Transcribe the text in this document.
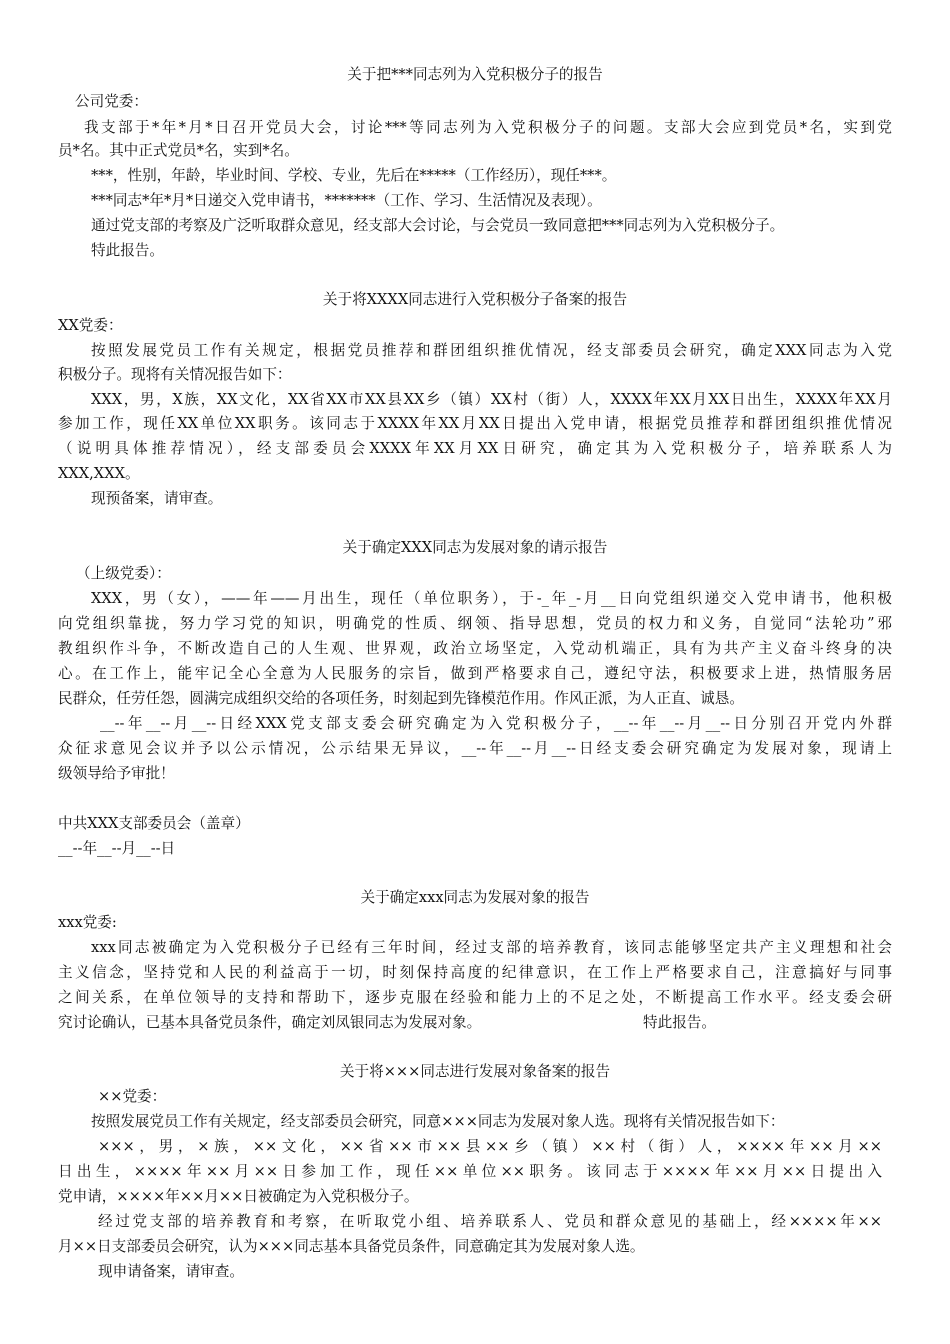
关于把***同志列为入党积极分子的报告
公司党委：
我支部于*年*月*日召开党员大会，讨论***等同志列为入党积极分子的问题。支部大会应到党员*名，实到党
员*名。其中正式党员*名，实到*名。
***，性别，年龄，毕业时间、学校、专业，先后在*****（工作经历），现任***。
***同志*年*月*日递交入党申请书，*******（工作、学习、生活情况及表现）。
通过党支部的考察及广泛听取群众意见，经支部大会讨论，与会党员一致同意把***同志列为入党积极分子。
特此报告。
关于将XXXX同志进行入党积极分子备案的报告
XX党委：
按照发展党员工作有关规定，根据党员推荐和群团组织推优情况，经支部委员会研究，确定XXX同志为入党
积极分子。现将有关情况报告如下：
XXX，男，X族，XX文化，XX省XX市XX县XX乡（镇）XX村（街）人，XXXX年XX月XX日出生，XXXX年XX月
参加工作，现任XX单位XX职务。该同志于XXXX年XX月XX日提出入党申请，根据党员推荐和群团组织推优情况
（说明具体推荐情况），经支部委员会XXXX年XX月XX日研究，确定其为入党积极分子，培养联系人为
XXX,XXX。
现预备案，请审查。
关于确定XXX同志为发展对象的请示报告
（上级党委）：
XXX，男（女），——年——月出生，现任（单位职务），于-_年_-月__日向党组织递交入党申请书，他积极
向党组织靠拢，努力学习党的知识，明确党的性质、纲领、指导思想，党员的权力和义务，自觉同“法轮功”邪
教组织作斗争，不断改造自己的人生观、世界观，政治立场坚定，入党动机端正，具有为共产主义奋斗终身的决
心。在工作上，能牢记全心全意为人民服务的宗旨，做到严格要求自己，遵纪守法，积极要求上进，热情服务居
民群众，任劳任怨，圆满完成组织交给的各项任务，时刻起到先锋模范作用。作风正派，为人正直、诚恳。
__--年__--月__--日经XXX党支部支委会研究确定为入党积极分子，__--年__--月__--日分别召开党内外群
众征求意见会议并予以公示情况，公示结果无异议，__--年__--月__--日经支委会研究确定为发展对象，现请上
级领导给予审批！
中共XXX支部委员会（盖章）
__--年__--月__--日
关于确定xxx同志为发展对象的报告
xxx党委:
xxx同志被确定为入党积极分子已经有三年时间，经过支部的培养教育，该同志能够坚定共产主义理想和社会
主义信念，坚持党和人民的利益高于一切，时刻保持高度的纪律意识，在工作上严格要求自己，注意搞好与同事
之间关系，在单位领导的支持和帮助下，逐步克服在经验和能力上的不足之处，不断提高工作水平。经支委会研
究讨论确认，已基本具备党员条件，确定刘凤银同志为发展对象。	特此报告。
关于将×××同志进行发展对象备案的报告
××党委：
按照发展党员工作有关规定，经支部委员会研究，同意×××同志为发展对象人选。现将有关情况报告如下：
×××，男，×族，××文化，××省××市××县××乡（镇）××村（街）人，××××年××月××
日出生，××××年××月××日参加工作，现任××单位××职务。该同志于××××年××月××日提出入
党申请，××××年××月××日被确定为入党积极分子。
经过党支部的培养教育和考察，在听取党小组、培养联系人、党员和群众意见的基础上，经××××年××
月××日支部委员会研究，认为×××同志基本具备党员条件，同意确定其为发展对象人选。
现申请备案，请审查。
